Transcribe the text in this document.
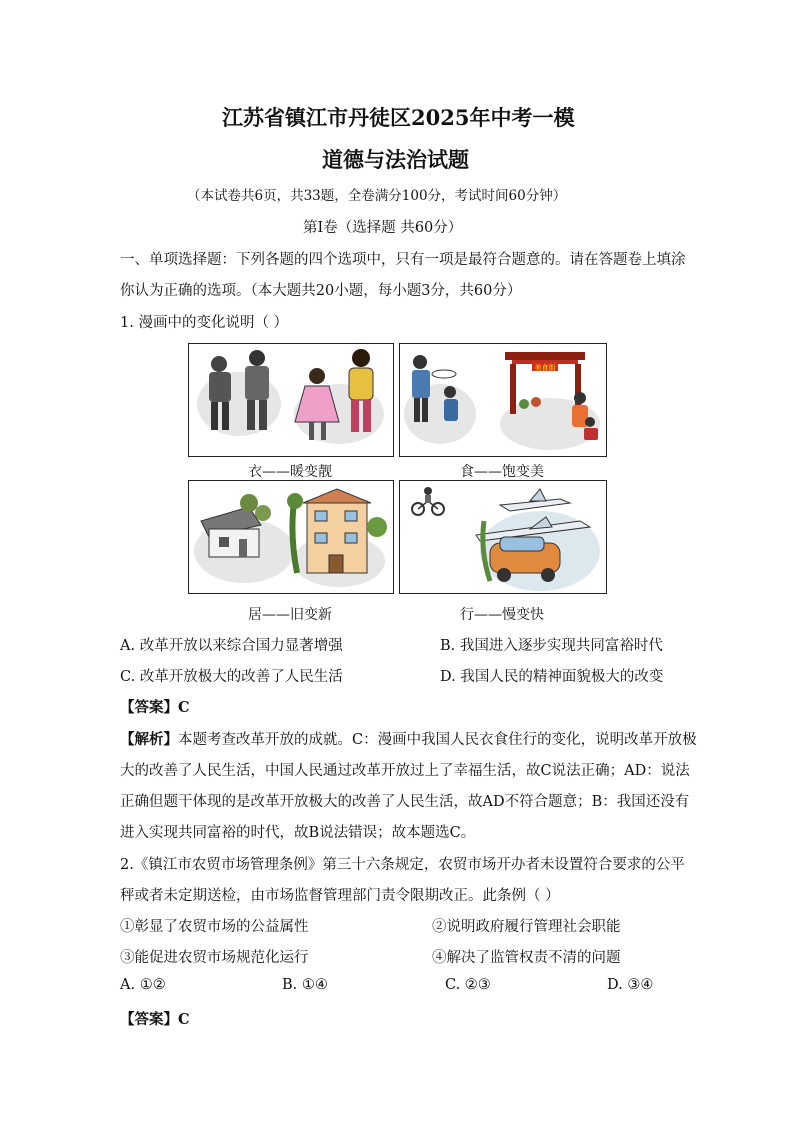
江苏省镇江市丹徒区2025年中考一模
道德与法治试题
（本试卷共6页，共33题，全卷满分100分，考试时间60分钟）
第Ⅰ卷（选择题 共60分）
一、单项选择题：下列各题的四个选项中，只有一项是最符合题意的。请在答题卷上填涂
你认为正确的选项。（本大题共20小题，每小题3分，共60分）
1. 漫画中的变化说明（ ）
美食街
衣——暖变靓	食——饱变美
居——旧变新	行——慢变快
A. 改革开放以来综合国力显著增强	B. 我国进入逐步实现共同富裕时代
C. 改革开放极大的改善了人民生活	D. 我国人民的精神面貌极大的改变
【答案】C
【解析】本题考查改革开放的成就。C：漫画中我国人民衣食住行的变化，说明改革开放极
大的改善了人民生活，中国人民通过改革开放过上了幸福生活，故C说法正确；AD：说法
正确但题干体现的是改革开放极大的改善了人民生活，故AD不符合题意；B：我国还没有
进入实现共同富裕的时代，故B说法错误；故本题选C。
2.《镇江市农贸市场管理条例》第三十六条规定，农贸市场开办者未设置符合要求的公平
秤或者未定期送检，由市场监督管理部门责令限期改正。此条例（ ）
①彰显了农贸市场的公益属性	②说明政府履行管理社会职能
③能促进农贸市场规范化运行	④解决了监管权责不清的问题
A. ①②	B. ①④	C. ②③	D. ③④
【答案】C
